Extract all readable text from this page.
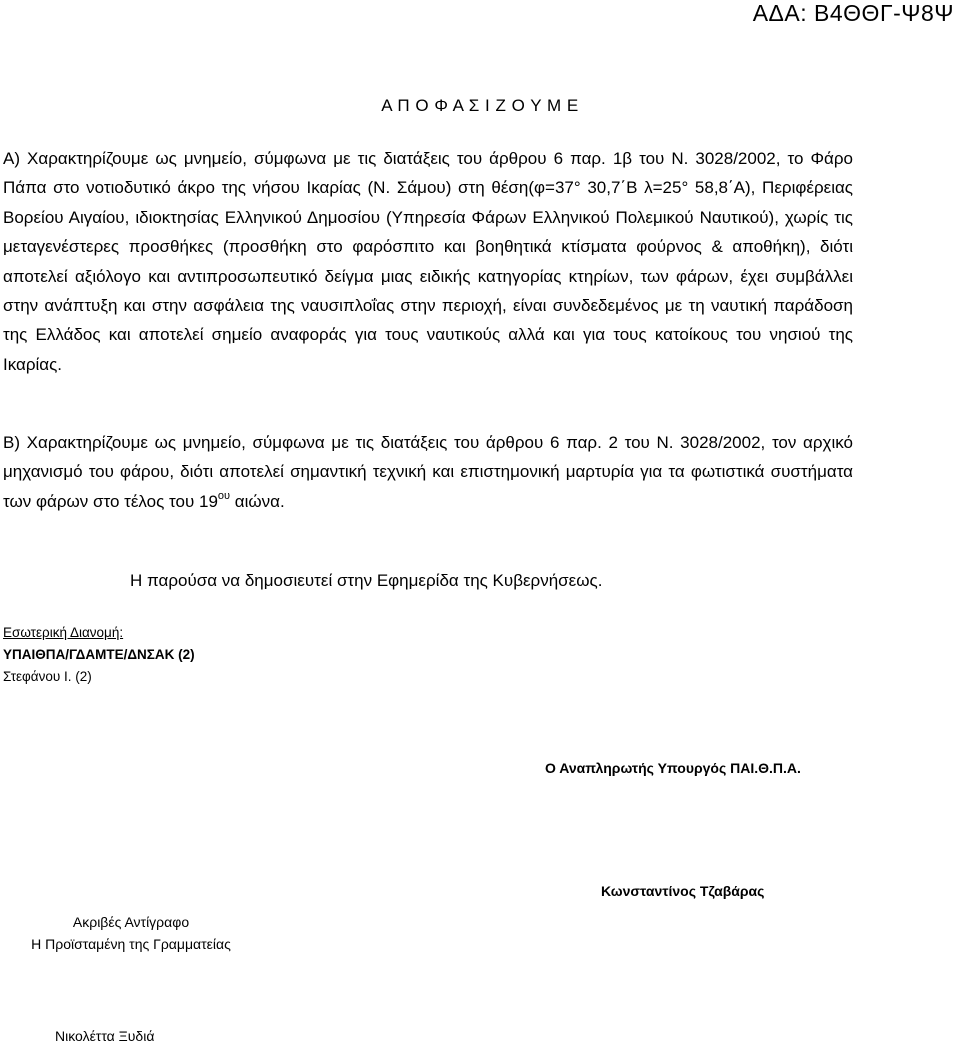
ΑΔΑ: Β4ΘΘΓ-Ψ8Ψ
Α Π Ο Φ Α Σ Ι Ζ Ο Υ Μ Ε
Α) Χαρακτηρίζουμε ως μνημείο, σύμφωνα με τις διατάξεις του άρθρου 6 παρ. 1β του Ν. 3028/2002, το Φάρο Πάπα στο νοτιοδυτικό άκρο της νήσου Ικαρίας (Ν. Σάμου) στη θέση(φ=37° 30,7΄Β λ=25° 58,8΄Α), Περιφέρειας Βορείου Αιγαίου, ιδιοκτησίας Ελληνικού Δημοσίου (Υπηρεσία Φάρων Ελληνικού Πολεμικού Ναυτικού), χωρίς τις μεταγενέστερες προσθήκες (προσθήκη στο φαρόσπιτο και βοηθητικά κτίσματα φούρνος & αποθήκη), διότι αποτελεί αξιόλογο και αντιπροσωπευτικό δείγμα μιας ειδικής κατηγορίας κτηρίων, των φάρων, έχει συμβάλλει στην ανάπτυξη και στην ασφάλεια της ναυσιπλοΐας στην περιοχή, είναι συνδεδεμένος με τη ναυτική παράδοση της Ελλάδος και αποτελεί σημείο αναφοράς για τους ναυτικούς αλλά και για τους κατοίκους του νησιού της Ικαρίας.
Β) Χαρακτηρίζουμε ως μνημείο, σύμφωνα με τις διατάξεις του άρθρου 6 παρ. 2 του Ν. 3028/2002, τον αρχικό μηχανισμό του φάρου, διότι αποτελεί σημαντική τεχνική και επιστημονική μαρτυρία για τα φωτιστικά συστήματα των φάρων στο τέλος του $19^{o\upsilon}$ αιώνα.
Η παρούσα να δημοσιευτεί στην Εφημερίδα της Κυβερνήσεως.
Εσωτερική Διανομή:
ΥΠΑΙΘΠΑ/ΓΔΑΜΤΕ/ΔΝΣΑΚ (2)
Στεφάνου Ι. (2)
Ο Αναπληρωτής Υπουργός ΠΑΙ.Θ.Π.Α.
Κωνσταντίνος Τζαβάρας
Ακριβές Αντίγραφο
Η Προϊσταμένη της Γραμματείας
Νικολέττα Ξυδιά
